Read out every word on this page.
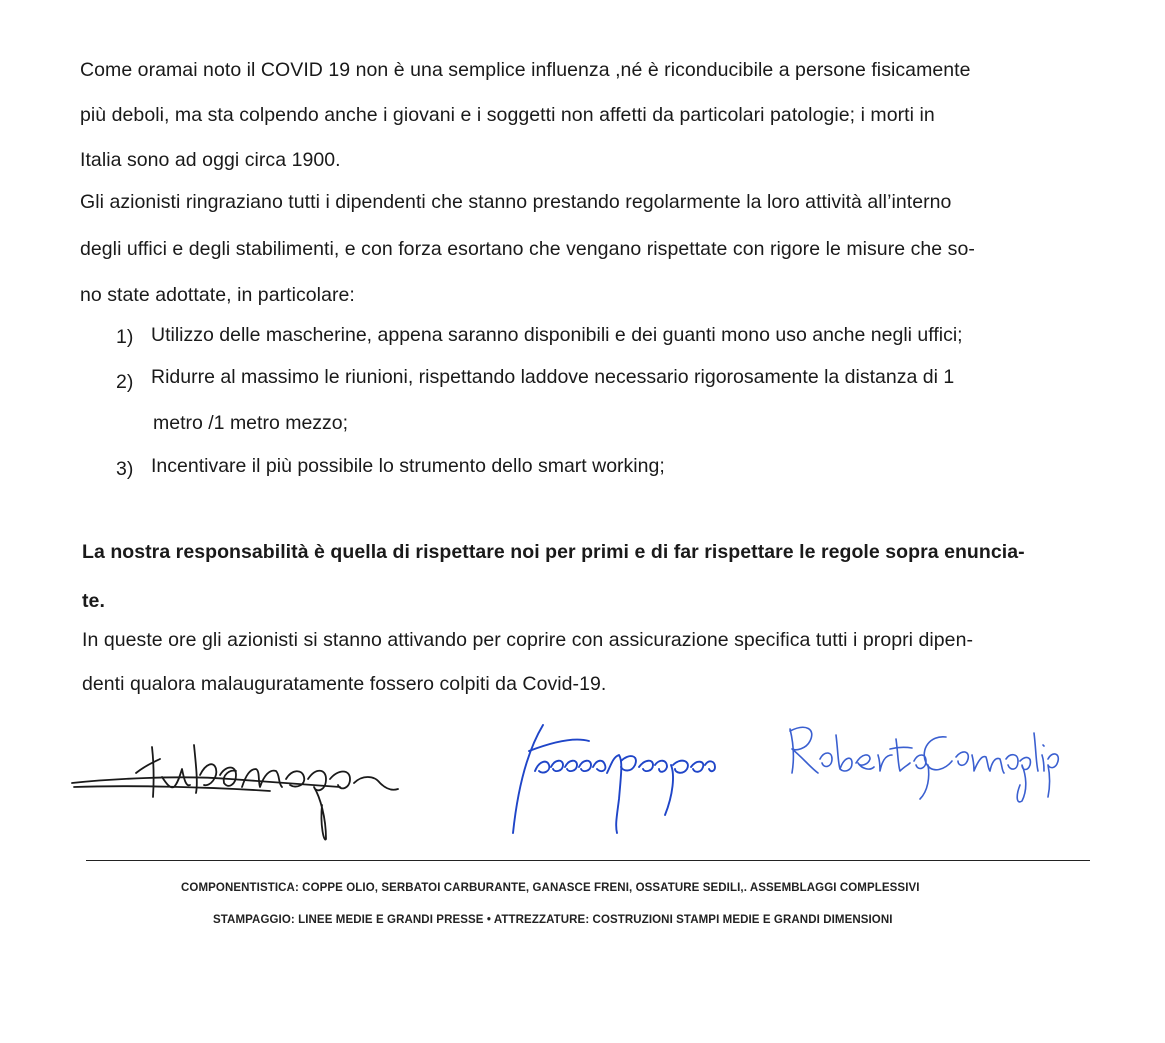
Come oramai noto il COVID 19 non è una semplice influenza ,né è riconducibile a persone fisicamente
più deboli, ma sta colpendo anche i giovani e i soggetti non affetti da particolari patologie; i morti in
Italia sono ad oggi circa 1900.
Gli azionisti ringraziano tutti i dipendenti che stanno prestando regolarmente la loro attività all’interno
degli uffici e degli stabilimenti, e con forza esortano che vengano rispettate con rigore le misure che so-
no state adottate, in particolare:
1) Utilizzo delle mascherine, appena saranno disponibili e dei guanti mono uso anche negli uffici;
2) Ridurre al massimo le riunioni, rispettando laddove necessario rigorosamente la distanza di 1
metro /1 metro mezzo;
3) Incentivare il più possibile lo strumento dello smart working;
La nostra responsabilità è quella di rispettare noi per primi e di far rispettare le regole sopra enuncia-
te.
In queste ore gli azionisti si stanno attivando per coprire con assicurazione specifica tutti i propri dipen-
denti qualora malauguratamente fossero colpiti da Covid-19.
COMPONENTISTICA: COPPE OLIO, SERBATOI CARBURANTE, GANASCE FRENI, OSSATURE SEDILI,. ASSEMBLAGGI COMPLESSIVI
STAMPAGGIO: LINEE MEDIE E GRANDI PRESSE • ATTREZZATURE: COSTRUZIONI STAMPI MEDIE E GRANDI DIMENSIONI
